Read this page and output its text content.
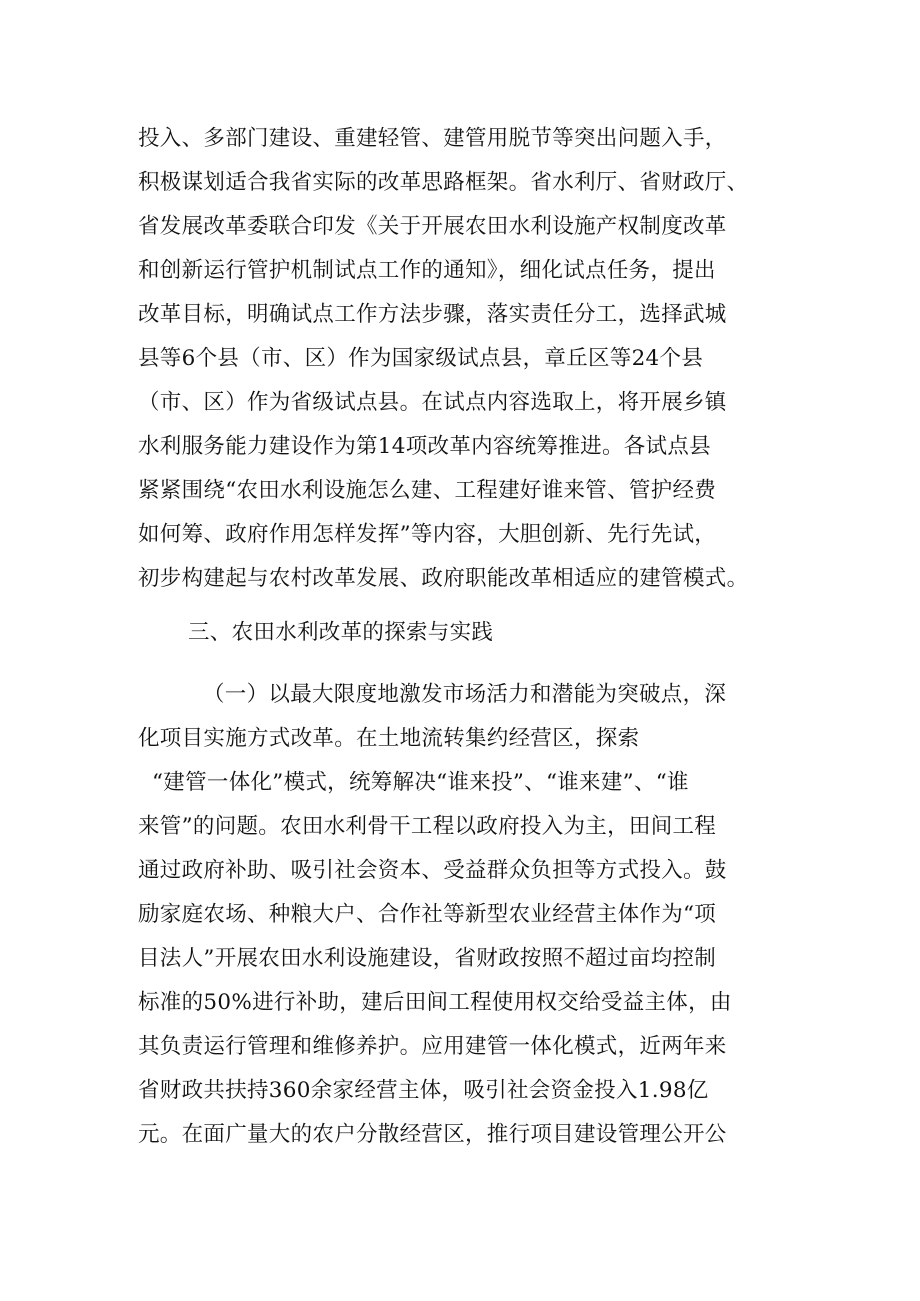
投入、多部门建设、重建轻管、建管用脱节等突出问题入手，
积极谋划适合我省实际的改革思路框架。省水利厅、省财政厅、
省发展改革委联合印发《关于开展农田水利设施产权制度改革
和创新运行管护机制试点工作的通知》，细化试点任务，提出
改革目标，明确试点工作方法步骤，落实责任分工，选择武城
县等6个县（市、区）作为国家级试点县，章丘区等24个县
（市、区）作为省级试点县。在试点内容选取上，将开展乡镇
水利服务能力建设作为第14项改革内容统筹推进。各试点县
紧紧围绕“农田水利设施怎么建、工程建好谁来管、管护经费
如何筹、政府作用怎样发挥”等内容，大胆创新、先行先试，
初步构建起与农村改革发展、政府职能改革相适应的建管模式。
三、农田水利改革的探索与实践
（一）以最大限度地激发市场活力和潜能为突破点，深
化项目实施方式改革。在土地流转集约经营区，探索
“建管一体化”模式，统筹解决“谁来投”、“谁来建”、“谁
来管”的问题。农田水利骨干工程以政府投入为主，田间工程
通过政府补助、吸引社会资本、受益群众负担等方式投入。鼓
励家庭农场、种粮大户、合作社等新型农业经营主体作为“项
目法人”开展农田水利设施建设，省财政按照不超过亩均控制
标准的50%进行补助，建后田间工程使用权交给受益主体，由
其负责运行管理和维修养护。应用建管一体化模式，近两年来
省财政共扶持360余家经营主体，吸引社会资金投入1.98亿
元。在面广量大的农户分散经营区，推行项目建设管理公开公
